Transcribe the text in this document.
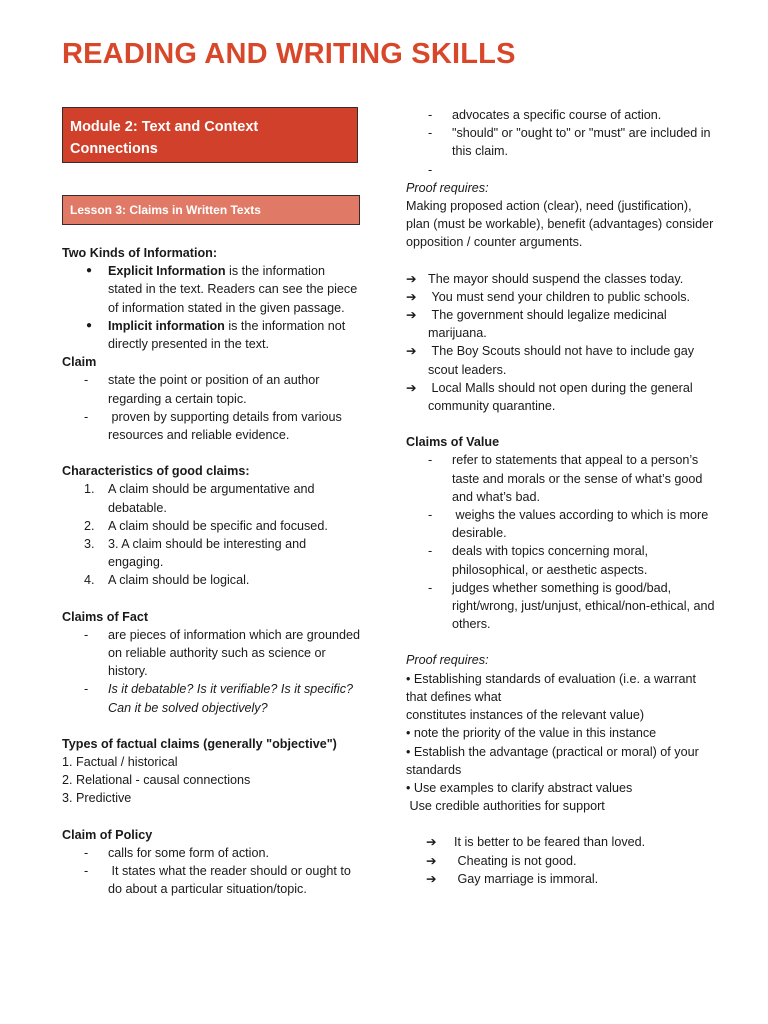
READING AND WRITING SKILLS
Module 2: Text and Context Connections
Lesson 3: Claims in Written Texts
Two Kinds of Information:
●	Explicit Information is the information stated in the text. Readers can see the piece of information stated in the given passage.
●	Implicit information is the information not directly presented in the text.
Claim
-	state the point or position of an author regarding a certain topic.
-	proven by supporting details from various resources and reliable evidence.
Characteristics of good claims:
1.	A claim should be argumentative and debatable.
2.	A claim should be specific and focused.
3.	3. A claim should be interesting and engaging.
4.	A claim should be logical.
Claims of Fact
-	are pieces of information which are grounded on reliable authority such as science or history.
-	Is it debatable? Is it verifiable? Is it specific? Can it be solved objectively?
Types of factual claims (generally "objective")
1. Factual / historical
2. Relational - causal connections
3. Predictive
Claim of Policy
-	calls for some form of action.
-	It states what the reader should or ought to do about a particular situation/topic.
-	advocates a specific course of action.
-	"should" or "ought to" or "must" are included in this claim.
-
Proof requires:
Making proposed action (clear), need (justification), plan (must be workable), benefit (advantages) consider opposition / counter arguments.
➔ The mayor should suspend the classes today.
➔ You must send your children to public schools.
➔ The government should legalize medicinal marijuana.
➔ The Boy Scouts should not have to include gay scout leaders.
➔ Local Malls should not open during the general community quarantine.
Claims of Value
-	refer to statements that appeal to a person’s taste and morals or the sense of what’s good and what’s bad.
-	weighs the values according to which is more desirable.
-	deals with topics concerning moral, philosophical, or aesthetic aspects.
-	judges whether something is good/bad, right/wrong, just/unjust, ethical/non-ethical, and others.
Proof requires:
• Establishing standards of evaluation (i.e. a warrant that defines what
constitutes instances of the relevant value)
• note the priority of the value in this instance
• Establish the advantage (practical or moral) of your standards
• Use examples to clarify abstract values
Use credible authorities for support
➔	It is better to be feared than loved.
➔	Cheating is not good.
➔	Gay marriage is immoral.
